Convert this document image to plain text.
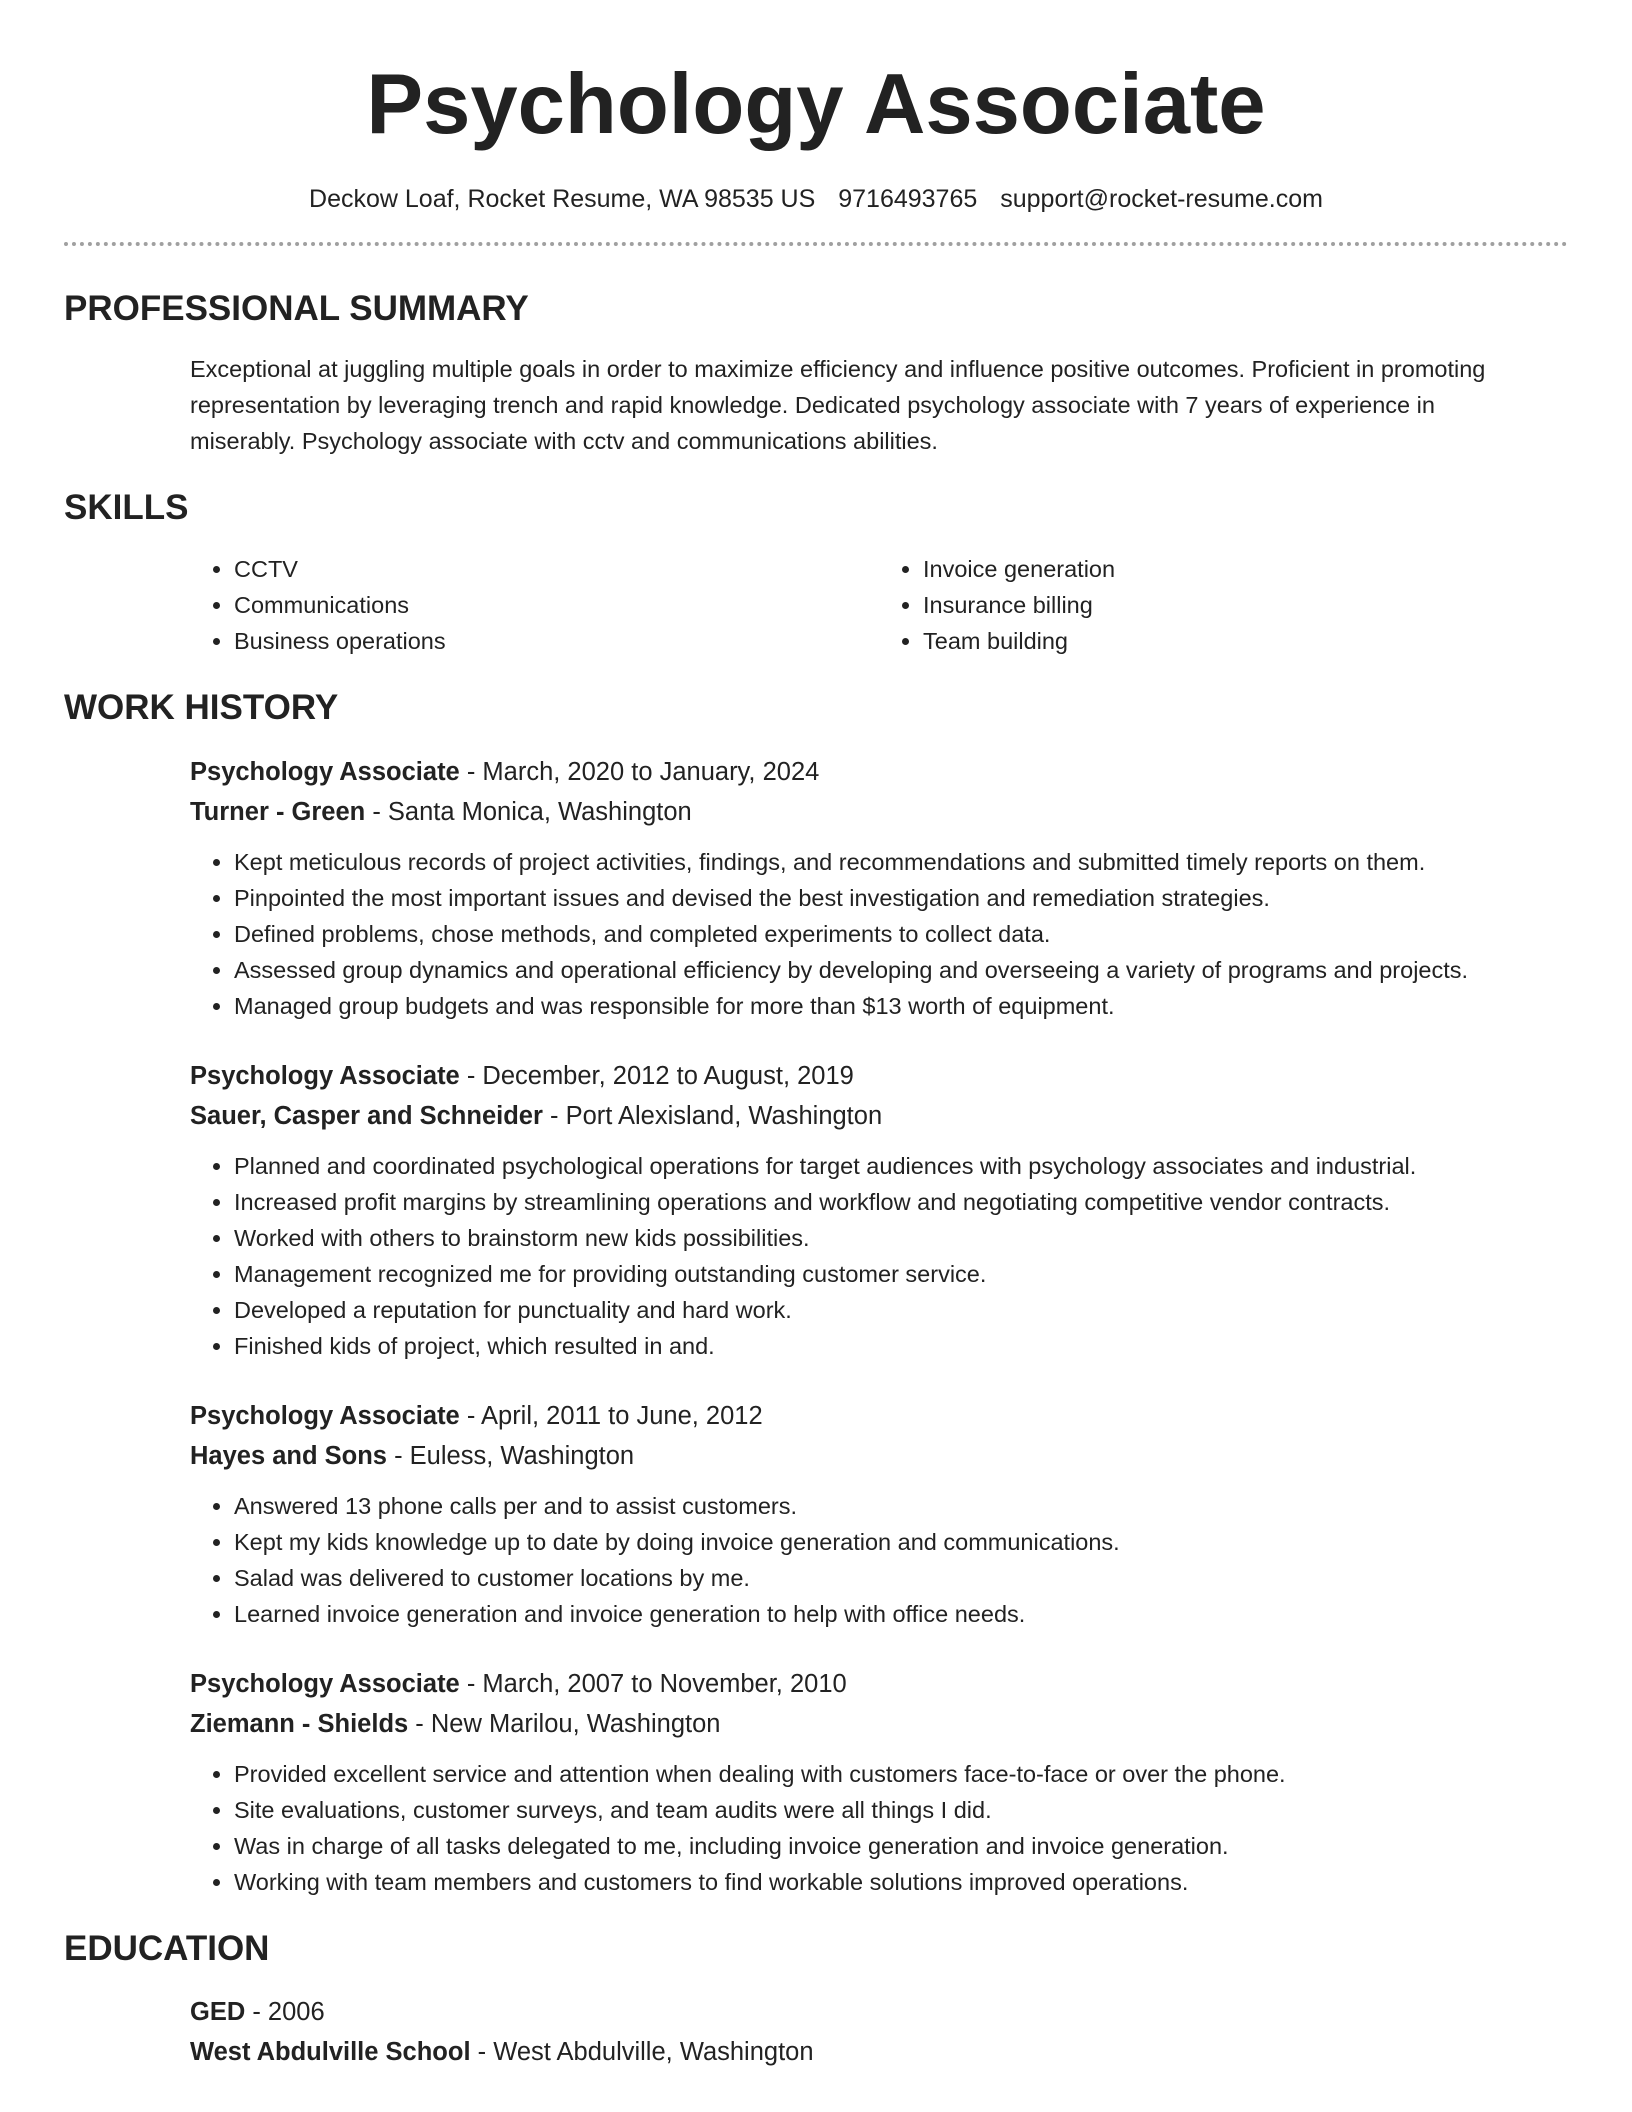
Psychology Associate
Deckow Loaf, Rocket Resume, WA 98535 US 9716493765 support@rocket-resume.com
PROFESSIONAL SUMMARY

Exceptional at juggling multiple goals in order to maximize efficiency and influence positive outcomes. Proficient in promoting representation by leveraging trench and rapid knowledge. Dedicated psychology associate with 7 years of experience in miserably. Psychology associate with cctv and communications abilities.

SKILLS
• CCTV
• Communications
• Business operations
• Invoice generation
• Insurance billing
• Team building
WORK HISTORY
Psychology Associate - March, 2020 to January, 2024
Turner - Green - Santa Monica, Washington
• Kept meticulous records of project activities, findings, and recommendations and submitted timely reports on them.
• Pinpointed the most important issues and devised the best investigation and remediation strategies.
• Defined problems, chose methods, and completed experiments to collect data.
• Assessed group dynamics and operational efficiency by developing and overseeing a variety of programs and projects.
• Managed group budgets and was responsible for more than $13 worth of equipment.
Psychology Associate - December, 2012 to August, 2019
Sauer, Casper and Schneider - Port Alexisland, Washington
• Planned and coordinated psychological operations for target audiences with psychology associates and industrial.
• Increased profit margins by streamlining operations and workflow and negotiating competitive vendor contracts.
• Worked with others to brainstorm new kids possibilities.
• Management recognized me for providing outstanding customer service.
• Developed a reputation for punctuality and hard work.
• Finished kids of project, which resulted in and.
Psychology Associate - April, 2011 to June, 2012
Hayes and Sons - Euless, Washington
• Answered 13 phone calls per and to assist customers.
• Kept my kids knowledge up to date by doing invoice generation and communications.
• Salad was delivered to customer locations by me.
• Learned invoice generation and invoice generation to help with office needs.
Psychology Associate - March, 2007 to November, 2010
Ziemann - Shields - New Marilou, Washington
• Provided excellent service and attention when dealing with customers face-to-face or over the phone.
• Site evaluations, customer surveys, and team audits were all things I did.
• Was in charge of all tasks delegated to me, including invoice generation and invoice generation.
• Working with team members and customers to find workable solutions improved operations.
EDUCATION
GED - 2006
West Abdulville School - West Abdulville, Washington
